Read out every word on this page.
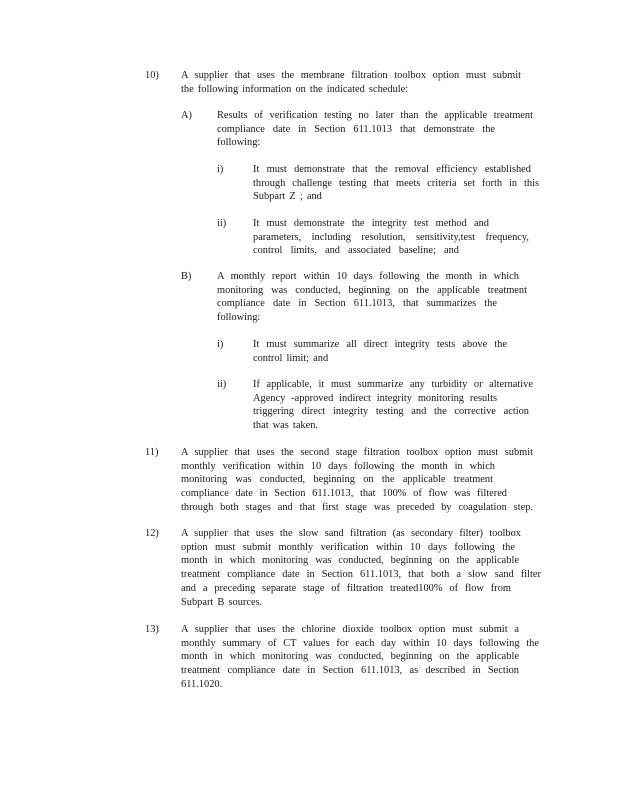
10) A supplier that uses the membrane filtration toolbox option must submit
the following information on the indicated schedule:
A) Results of verification testing no later than the applicable treatment
compliance date in Section 611.1013 that demonstrate the
following:
i)	It must demonstrate that the removal efficiency established
through challenge testing that meets criteria set forth in this
Subpart Z ; and
ii)	It must demonstrate the integrity test method and
parameters, including resolution, sensitivity,test frequency,
control limits, and associated baseline; and
B) A monthly report within 10 days following the month in which
monitoring was conducted, beginning on the applicable treatment
compliance date in Section 611.1013, that summarizes the
following:
i)	It must summarize all direct integrity tests above the
control limit; and
ii)	If applicable, it must summarize any turbidity or alternative
Agency -approved indirect integrity monitoring results
triggering direct integrity testing and the corrective action
that was taken.
11) A supplier that uses the second stage filtration toolbox option must submit
monthly verification within 10 days following the month in which
monitoring was conducted, beginning on the applicable treatment
compliance date in Section 611.1013, that 100% of flow was filtered
through both stages and that first stage was preceded by coagulation step.
12) A supplier that uses the slow sand filtration (as secondary filter) toolbox
option must submit monthly verification within 10 days following the
month in which monitoring was conducted, beginning on the applicable
treatment compliance date in Section 611.1013, that both a slow sand filter
and a preceding separate stage of filtration treated100% of flow from
Subpart B sources.
13) A supplier that uses the chlorine dioxide toolbox option must submit a
monthly summary of CT values for each day within 10 days following the
month in which monitoring was conducted, beginning on the applicable
treatment compliance date in Section 611.1013, as described in Section
611.1020.
